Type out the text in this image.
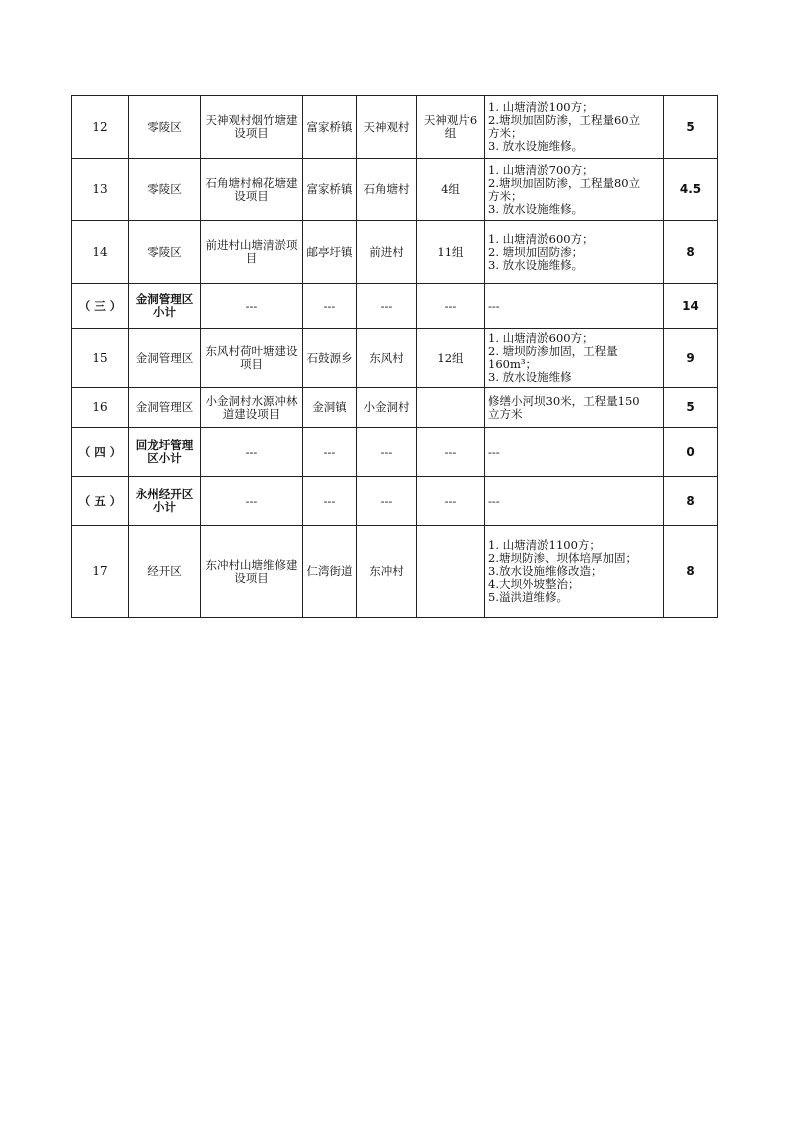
12	零陵区	天神观村烟竹塘建设项目	富家桥镇	天神观村	天神观片6组	1. 山塘清淤100方；
2.塘坝加固防渗，工程量60立
方米；
3. 放水设施维修。	5
13	零陵区	石角塘村棉花塘建设项目	富家桥镇	石角塘村	4组	1. 山塘清淤700方；
2.塘坝加固防渗，工程量80立
方米；
3. 放水设施维修。	4.5
14	零陵区	前进村山塘清淤项目	邮亭圩镇	前进村	11组	1. 山塘清淤600方；
2. 塘坝加固防渗；
3. 放水设施维修。	8
（ 三 ）	金洞管理区小计	---	---	---	---	---	14
15	金洞管理区	东风村荷叶塘建设项目	石鼓源乡	东风村	12组	1. 山塘清淤600方；
2. 塘坝防渗加固，工程量
160m³；
3. 放水设施维修	9
16	金洞管理区	小金洞村水源冲林道建设项目	金洞镇	小金洞村		修缮小河坝30米，工程量150
立方米	5
（ 四 ）	回龙圩管理区小计	---	---	---	---	---	0
（ 五 ）	永州经开区小计	---	---	---	---	---	8
17	经开区	东冲村山塘维修建设项目	仁湾街道	东冲村		1. 山塘清淤1100方；
2.塘坝防渗、坝体培厚加固；
3.放水设施维修改造；
4.大坝外坡整治；
5.溢洪道维修。	8
